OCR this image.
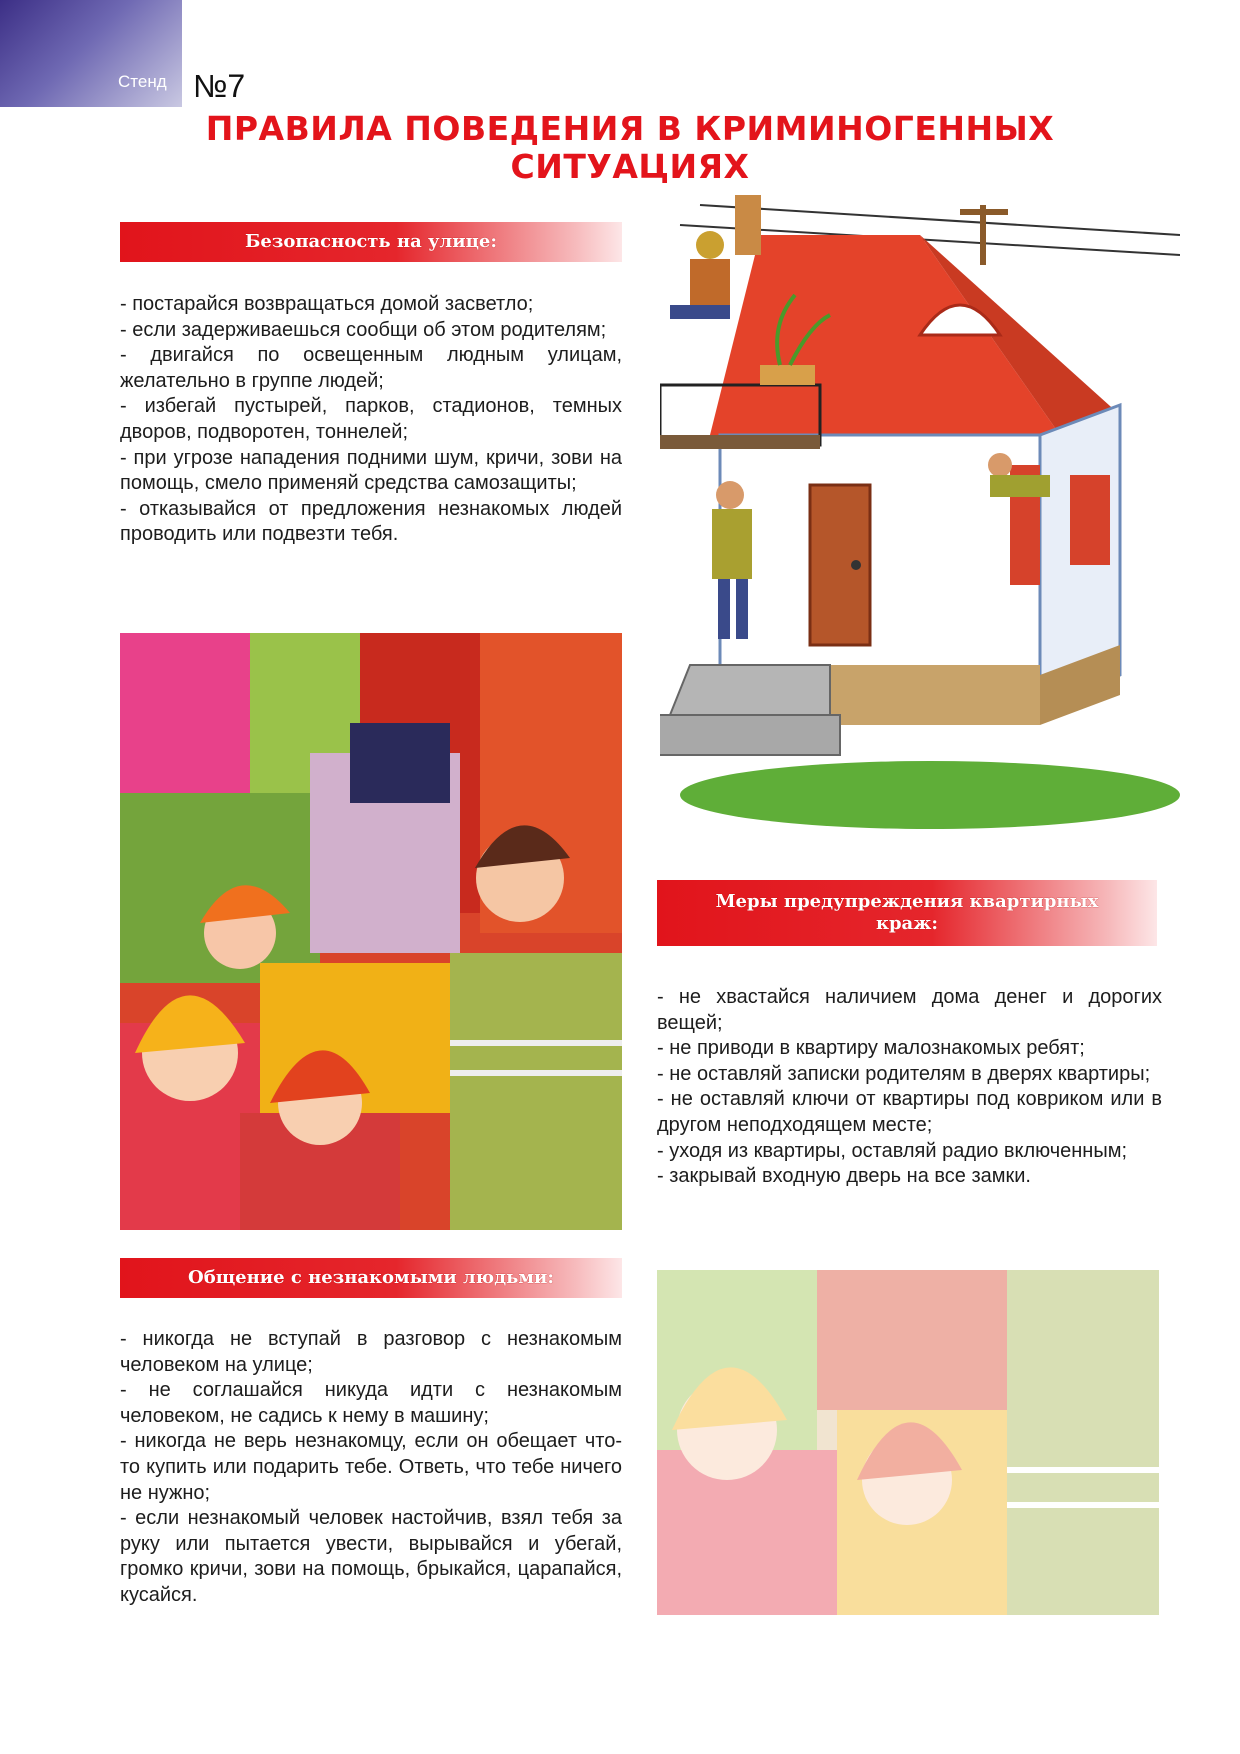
Стенд №7
ПРАВИЛА ПОВЕДЕНИЯ В КРИМИНОГЕННЫХ
СИТУАЦИЯХ
Безопасность на улице:

- постарайся возвращаться домой засветло;

- если задерживаешься сообщи об этом родителям;

- двигайся по освещенным людным улицам, желательно в группе людей;

- избегай пустырей, парков, стадионов, темных дворов, подворотен, тоннелей;

- при угрозе нападения подними шум, кричи, зови на помощь, смело применяй средства самозащиты;

- отказывайся от предложения незнакомых людей проводить или подвезти тебя.

Меры предупреждения квартирных
краж:

- не хвастайся наличием дома денег и дорогих вещей;

- не приводи в квартиру малознакомых ребят;

- не оставляй записки родителям в дверях квартиры;

- не оставляй ключи от квартиры под ковриком или в другом неподходящем месте;

- уходя из квартиры, оставляй радио включенным;

- закрывай входную дверь на все замки.

Общение с незнакомыми людьми:

- никогда не вступай в разговор с незнакомым человеком на улице;

- не соглашайся никуда идти с незнакомым человеком, не садись к нему в машину;

- никогда не верь незнакомцу, если он обещает что-то купить или подарить тебе. Ответь, что тебе ничего не нужно;

- если незнакомый человек настойчив, взял тебя за руку или пытается увести, вырывайся и убегай, громко кричи, зови на помощь, брыкайся, царапайся, кусайся.
